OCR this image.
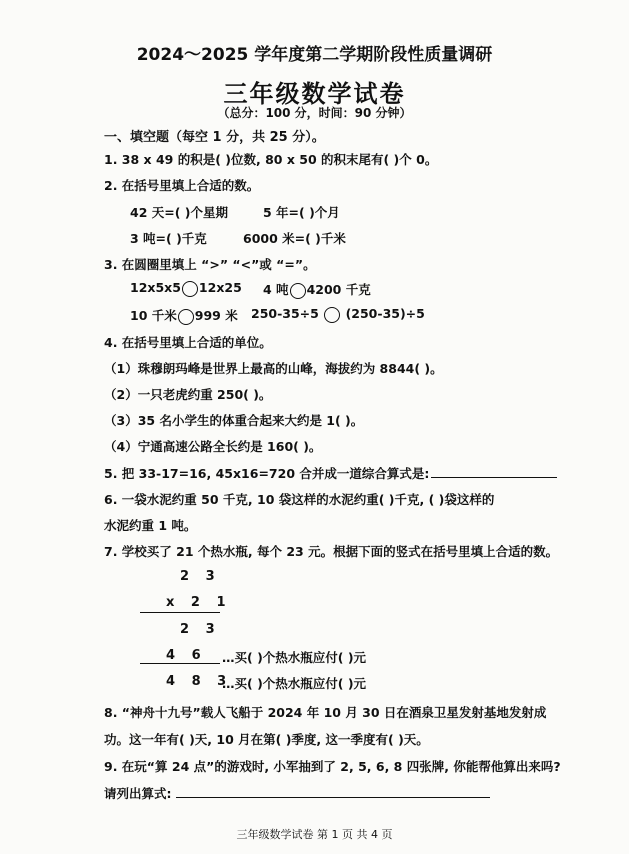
2024～2025 学年度第二学期阶段性质量调研
三年级数学试卷
（总分：100 分，时间：90 分钟）
一、填空题（每空 1 分，共 25 分）。
1. 38 x 49 的积是( )位数, 80 x 50 的积末尾有( )个 0。
2. 在括号里填上合适的数。
42 天=( )个星期	5 年=( )个月
3 吨=( )千克	6000 米=( )千米
3. 在圆圈里填上 “>” “<”或 “=”。
12x5x5 12x25 4 吨 4200 千克
10 千米 999 米 250-35÷5 (250-35)÷5
4. 在括号里填上合适的单位。
（1）珠穆朗玛峰是世界上最高的山峰，海拔约为 8844( )。
（2）一只老虎约重 250( )。
（3）35 名小学生的体重合起来大约是 1( )。
（4）宁通高速公路全长约是 160( )。
5. 把 33-17=16, 45x16=720 合并成一道综合算式是:
6. 一袋水泥约重 50 千克, 10 袋这样的水泥约重( )千克, ( )袋这样的
水泥约重 1 吨。
7. 学校买了 21 个热水瓶, 每个 23 元。根据下面的竖式在括号里填上合适的数。
2 3
x 2 1
2 3
4 6 …买( )个热水瓶应付( )元
4 8 3
…买( )个热水瓶应付( )元
8. “神舟十九号”载人飞船于 2024 年 10 月 30 日在酒泉卫星发射基地发射成
功。这一年有( )天, 10 月在第( )季度, 这一季度有( )天。
9. 在玩“算 24 点”的游戏时, 小军抽到了 2, 5, 6, 8 四张牌, 你能帮他算出来吗?
请列出算式:
三年级数学试卷 第 1 页 共 4 页
